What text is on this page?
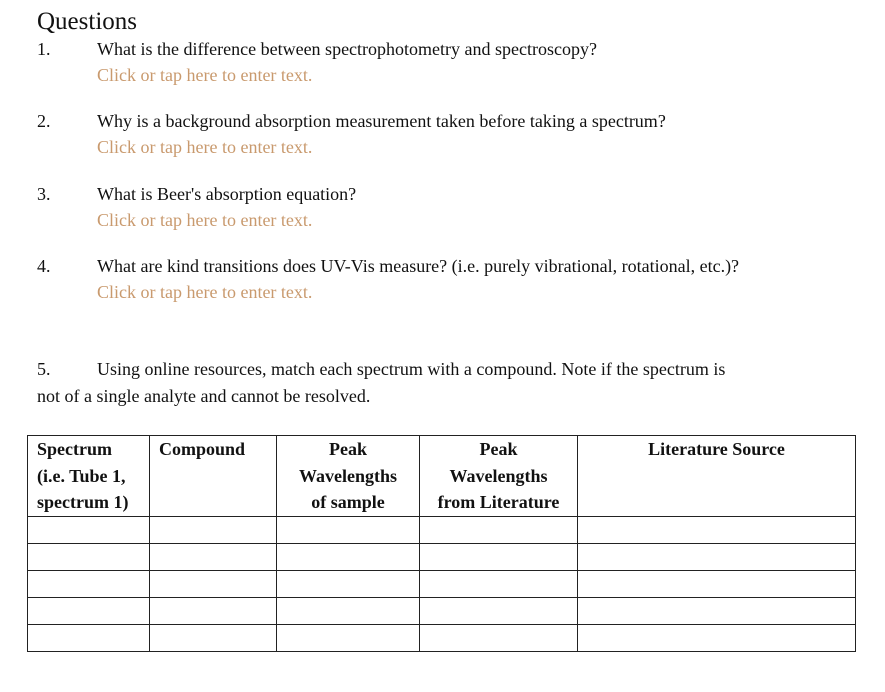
Questions
1.	What is the difference between spectrophotometry and spectroscopy?
Click or tap here to enter text.
2.	Why is a background absorption measurement taken before taking a spectrum?
Click or tap here to enter text.
3.	What is Beer's absorption equation?
Click or tap here to enter text.
4.	What are kind transitions does UV-Vis measure? (i.e. purely vibrational, rotational, etc.)?
Click or tap here to enter text.
5.	Using online resources, match each spectrum with a compound. Note if the spectrum is
not of a single analyte and cannot be resolved.
Spectrum
(i.e. Tube 1,
spectrum 1)	Compound	Peak
Wavelengths
of sample	Peak
Wavelengths
from Literature	Literature Source
